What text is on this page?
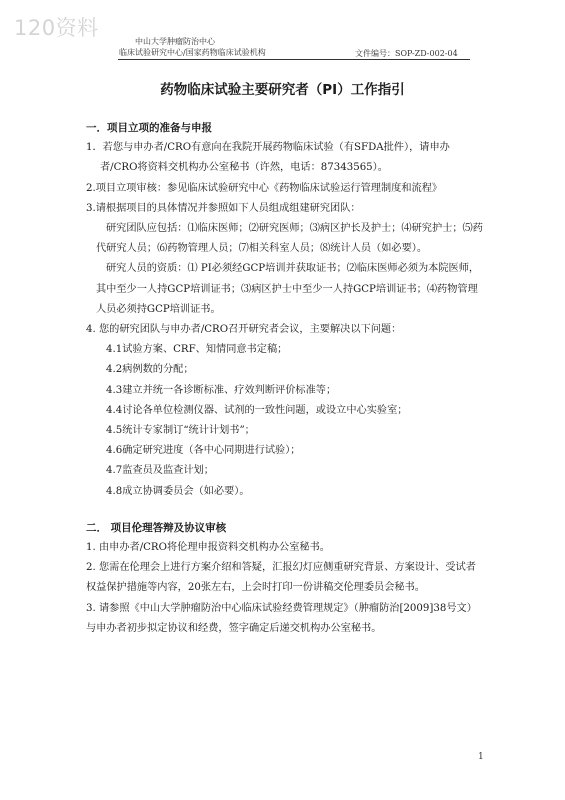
120资料
中山大学肿瘤防治中心
临床试验研究中心/国家药物临床试验机构	文件编号：SOP-ZD-002-04
药物临床试验主要研究者（PI）工作指引

一．项目立项的准备与申报

1．若您与申办者/CRO有意向在我院开展药物临床试验（有SFDA批件），请申办者/CRO将资料交机构办公室秘书（许然，电话：87343565）。

2.项目立项审核：参见临床试验研究中心《药物临床试验运行管理制度和流程》

3.请根据项目的具体情况并参照如下人员组成组建研究团队：

研究团队应包括：⑴临床医师；⑵研究医师；⑶病区护长及护士；⑷研究护士；⑸药代研究人员；⑹药物管理人员；⑺相关科室人员；⑻统计人员（如必要）。

研究人员的资质：⑴ PI必须经GCP培训并获取证书；⑵临床医师必须为本院医师，其中至少一人持GCP培训证书；⑶病区护士中至少一人持GCP培训证书；⑷药物管理人员必须持GCP培训证书。

4. 您的研究团队与申办者/CRO召开研究者会议，主要解决以下问题：

4.1试验方案、CRF、知情同意书定稿；

4.2病例数的分配；

4.3建立并统一各诊断标准、疗效判断评价标准等；

4.4讨论各单位检测仪器、试剂的一致性问题，或设立中心实验室；

4.5统计专家制订“统计计划书”；

4.6确定研究进度（各中心同期进行试验）；

4.7监查员及监查计划；

4.8成立协调委员会（如必要）。

二． 项目伦理答辩及协议审核

1. 由申办者/CRO将伦理申报资料交机构办公室秘书。

2. 您需在伦理会上进行方案介绍和答疑，汇报幻灯应侧重研究背景、方案设计、受试者权益保护措施等内容，20张左右，上会时打印一份讲稿交伦理委员会秘书。

3. 请参照《中山大学肿瘤防治中心临床试验经费管理规定》（肿瘤防治[2009]38号文）与申办者初步拟定协议和经费，签字确定后递交机构办公室秘书。

1
